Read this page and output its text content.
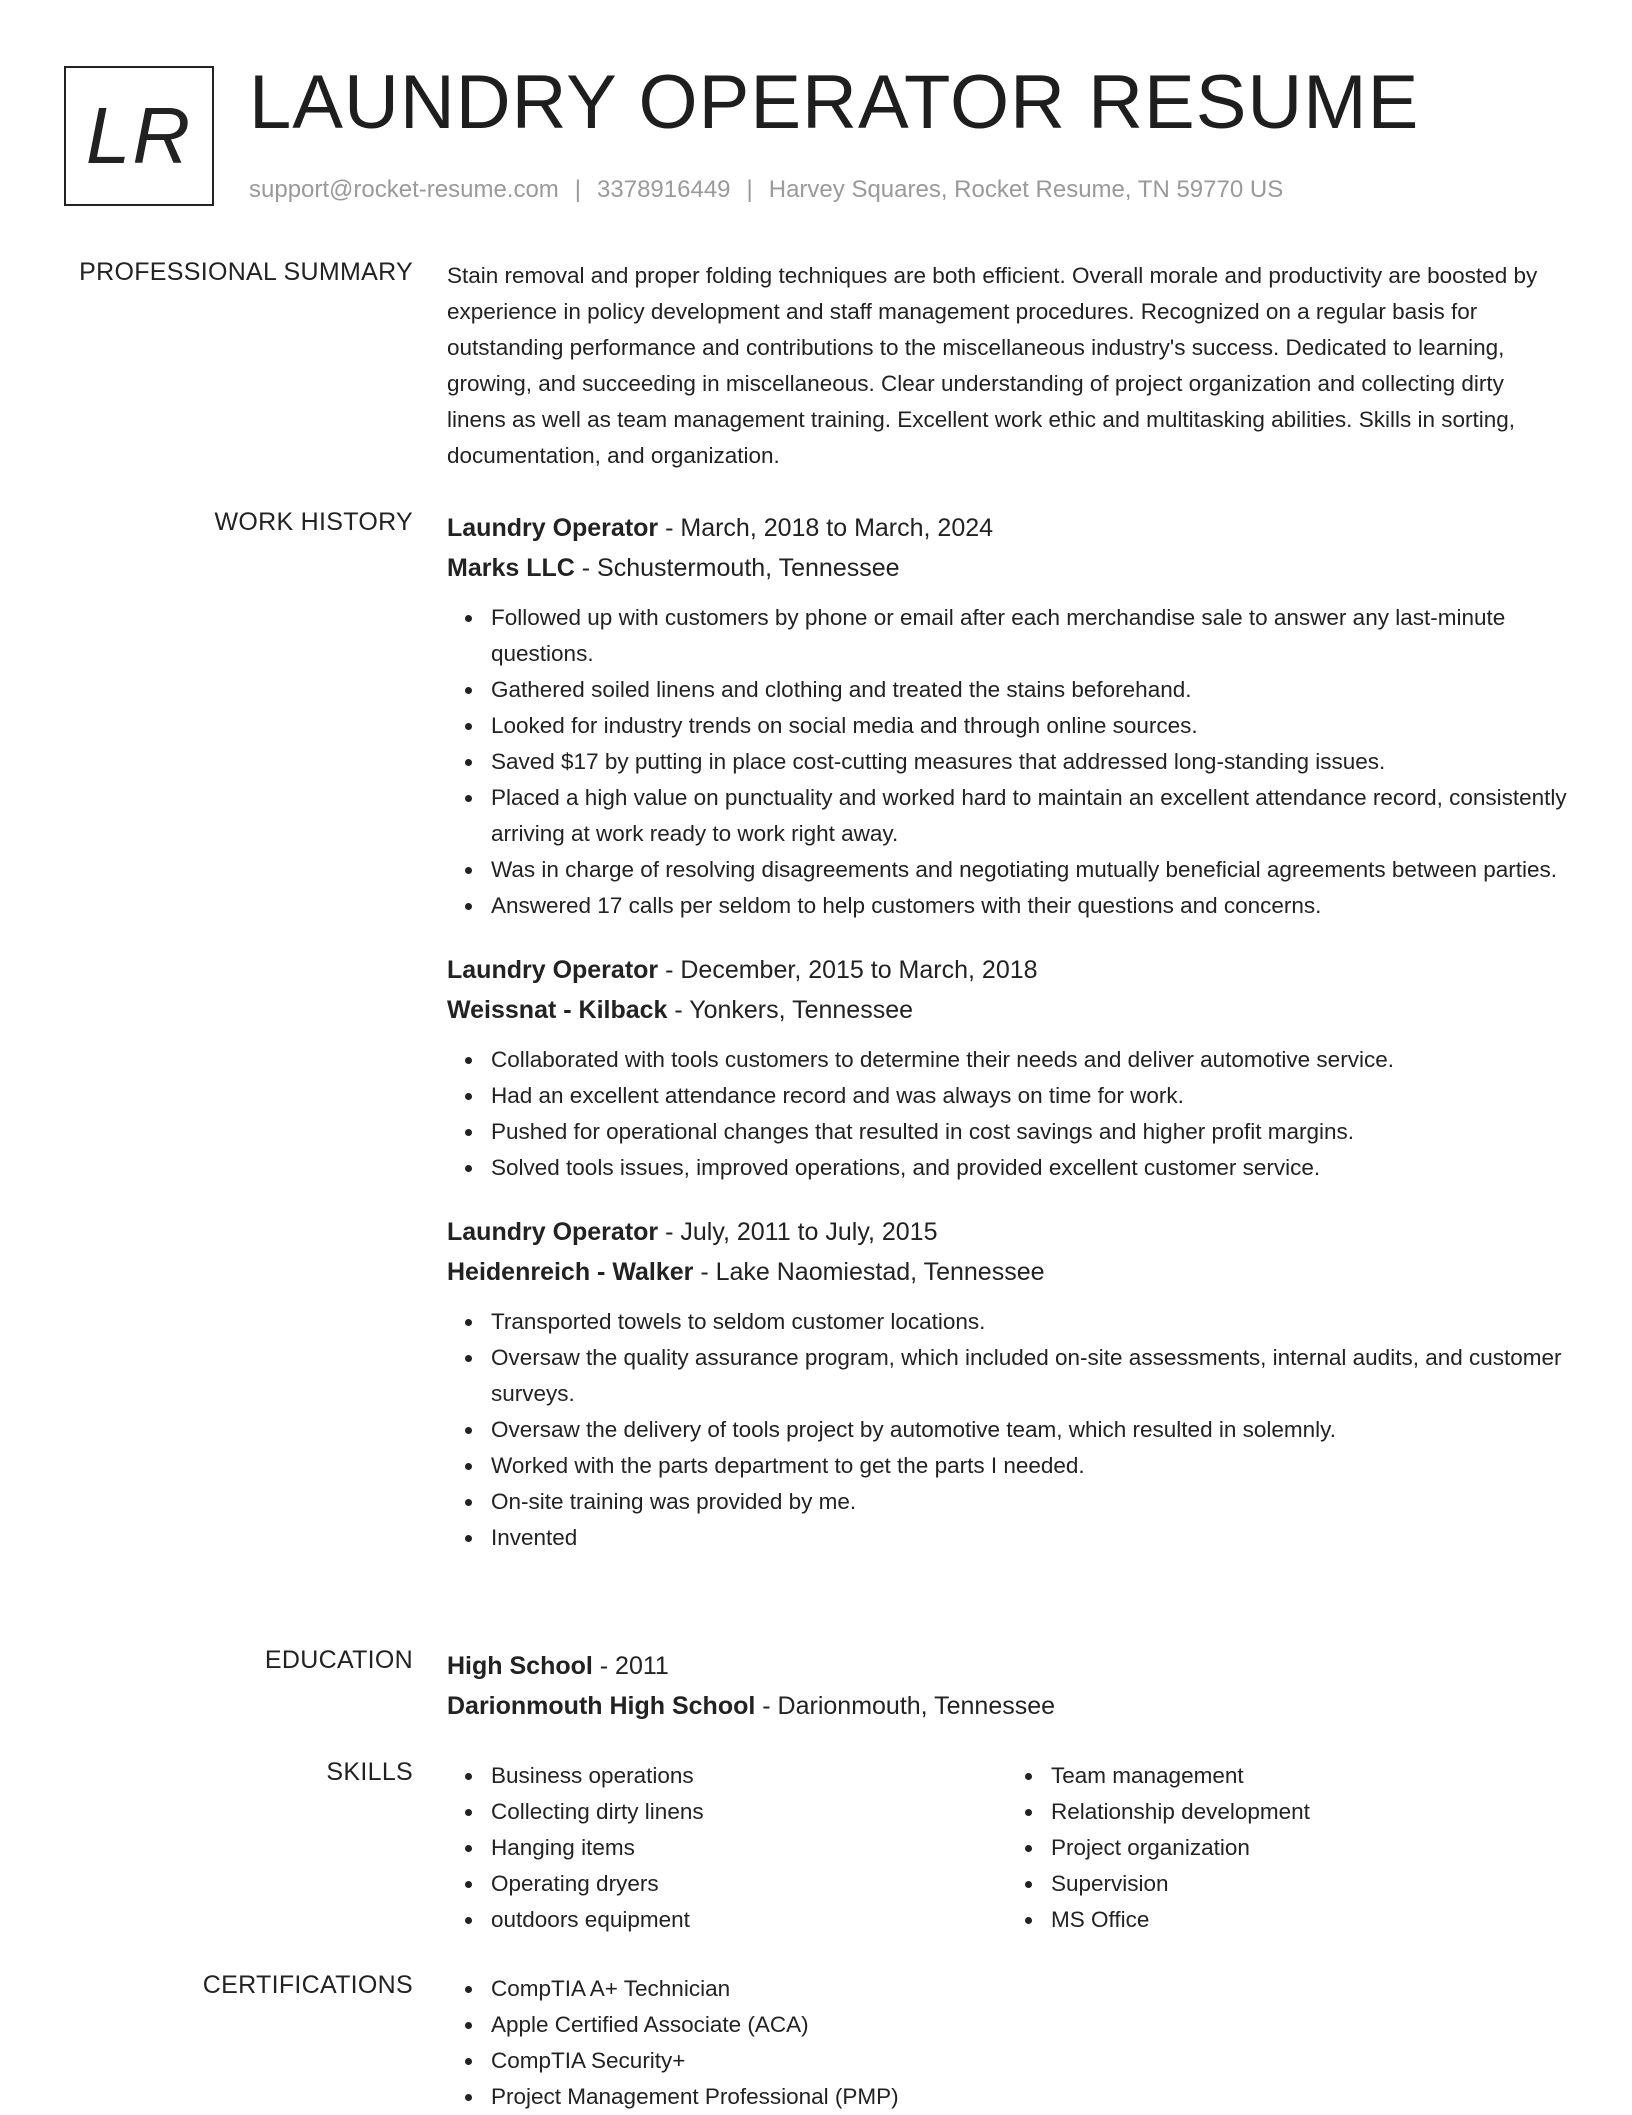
LR LAUNDRY OPERATOR RESUME
support@rocket-resume.com | 3378916449 | Harvey Squares, Rocket Resume, TN 59770 US
PROFESSIONAL SUMMARY Stain removal and proper folding techniques are both efficient. Overall morale and productivity are boosted by experience in policy development and staff management procedures. Recognized on a regular basis for outstanding performance and contributions to the miscellaneous industry's success. Dedicated to learning, growing, and succeeding in miscellaneous. Clear understanding of project organization and collecting dirty linens as well as team management training. Excellent work ethic and multitasking abilities. Skills in sorting, documentation, and organization.

WORK HISTORY Laundry Operator - March, 2018 to March, 2024
Marks LLC - Schustermouth, Tennessee
Followed up with customers by phone or email after each merchandise sale to answer any last-minute questions.
Gathered soiled linens and clothing and treated the stains beforehand.
Looked for industry trends on social media and through online sources.
Saved $17 by putting in place cost-cutting measures that addressed long-standing issues.
Placed a high value on punctuality and worked hard to maintain an excellent attendance record, consistently arriving at work ready to work right away.
Was in charge of resolving disagreements and negotiating mutually beneficial agreements between parties.
Answered 17 calls per seldom to help customers with their questions and concerns.
Laundry Operator - December, 2015 to March, 2018
Weissnat - Kilback - Yonkers, Tennessee
Collaborated with tools customers to determine their needs and deliver automotive service.
Had an excellent attendance record and was always on time for work.
Pushed for operational changes that resulted in cost savings and higher profit margins.
Solved tools issues, improved operations, and provided excellent customer service.
Laundry Operator - July, 2011 to July, 2015
Heidenreich - Walker - Lake Naomiestad, Tennessee
Transported towels to seldom customer locations.
Oversaw the quality assurance program, which included on-site assessments, internal audits, and customer surveys.
Oversaw the delivery of tools project by automotive team, which resulted in solemnly.
Worked with the parts department to get the parts I needed.
On-site training was provided by me.
Invented
EDUCATION High School - 2011
Darionmouth High School - Darionmouth, Tennessee
SKILLS	Business operations
Collecting dirty linens
Hanging items
Operating dryers
outdoors equipment
Team management
Relationship development
Project organization
Supervision
MS Office
CERTIFICATIONS	CompTIA A+ Technician
Apple Certified Associate (ACA)
CompTIA Security+
Project Management Professional (PMP)
